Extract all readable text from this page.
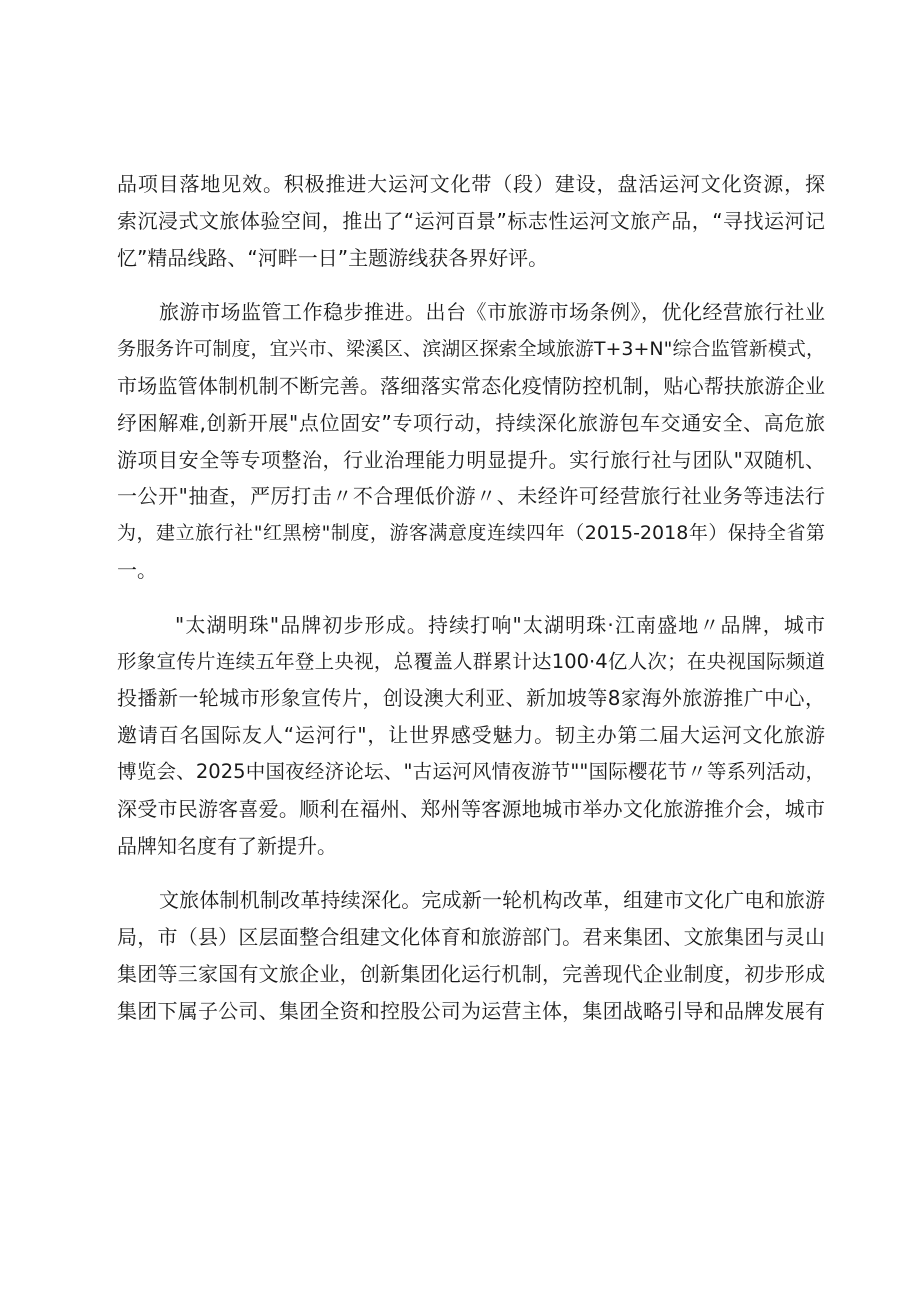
品项目落地见效。积极推进大运河文化带（段）建设，盘活运河文化资源，探
索沉浸式文旅体验空间，推出了“运河百景”标志性运河文旅产品，“寻找运河记
忆”精品线路、“河畔一日”主题游线获各界好评。
旅游市场监管工作稳步推进。出台《市旅游市场条例》，优化经营旅行社业
务服务许可制度，宜兴市、梁溪区、滨湖区探索全域旅游T+3+N"综合监管新模式，
市场监管体制机制不断完善。落细落实常态化疫情防控机制，贴心帮扶旅游企业
纾困解难,创新开展"点位固安”专项行动，持续深化旅游包车交通安全、高危旅
游项目安全等专项整治，行业治理能力明显提升。实行旅行社与团队"双随机、
一公开"抽查，严厉打击〃不合理低价游〃、未经许可经营旅行社业务等违法行
为，建立旅行社"红黑榜"制度，游客满意度连续四年（2015-2018年）保持全省第
一。
"太湖明珠"品牌初步形成。持续打响"太湖明珠·江南盛地〃品牌，城市
形象宣传片连续五年登上央视，总覆盖人群累计达100·4亿人次；在央视国际频道
投播新一轮城市形象宣传片，创设澳大利亚、新加坡等8家海外旅游推广中心，
邀请百名国际友人“运河行"，让世界感受魅力。韧主办第二届大运河文化旅游
博览会、2025中国夜经济论坛、"古运河风情夜游节""国际樱花节〃等系列活动，
深受市民游客喜爱。顺利在福州、郑州等客源地城市举办文化旅游推介会，城市
品牌知名度有了新提升。
文旅体制机制改革持续深化。完成新一轮机构改革，组建市文化广电和旅游
局，市（县）区层面整合组建文化体育和旅游部门。君来集团、文旅集团与灵山
集团等三家国有文旅企业，创新集团化运行机制，完善现代企业制度，初步形成
集团下属子公司、集团全资和控股公司为运营主体，集团战略引导和品牌发展有
